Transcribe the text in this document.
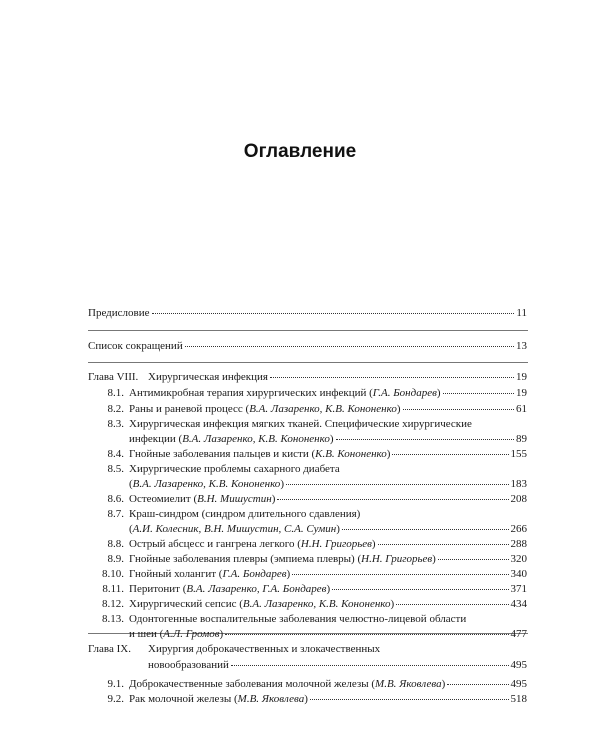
Оглавление
Предисловие	11
Список сокращений	13
Глава VIII. Хирургическая инфекция	19
8.1. Антимикробная терапия хирургических инфекций (Г.А. Бондарев)	19
8.2. Раны и раневой процесс (В.А. Лазаренко, К.В. Кононенко)	61
8.3. Хирургическая инфекция мягких тканей. Специфические хирургические
инфекции (В.А. Лазаренко, К.В. Кононенко)	89
8.4. Гнойные заболевания пальцев и кисти (К.В. Кононенко)	155
8.5. Хирургические проблемы сахарного диабета
(В.А. Лазаренко, К.В. Кононенко)	183
8.6. Остеомиелит (В.Н. Мишустин)	208
8.7. Краш-синдром (синдром длительного сдавления)
(А.И. Колесник, В.Н. Мишустин, С.А. Сумин)	266
8.8. Острый абсцесс и гангрена легкого (Н.Н. Григорьев)	288
8.9. Гнойные заболевания плевры (эмпиема плевры) (Н.Н. Григорьев)	320
8.10. Гнойный холангит (Г.А. Бондарев)	340
8.11. Перитонит (В.А. Лазаренко, Г.А. Бондарев)	371
8.12. Хирургический сепсис (В.А. Лазаренко, К.В. Кононенко)	434
8.13. Одонтогенные воспалительные заболевания челюстно-лицевой области
и шеи (А.Л. Громов)	477
Глава IX. Хирургия доброкачественных и злокачественных
новообразований	495
9.1. Доброкачественные заболевания молочной железы (М.В. Яковлева)	495
9.2. Рак молочной железы (М.В. Яковлева)	518
